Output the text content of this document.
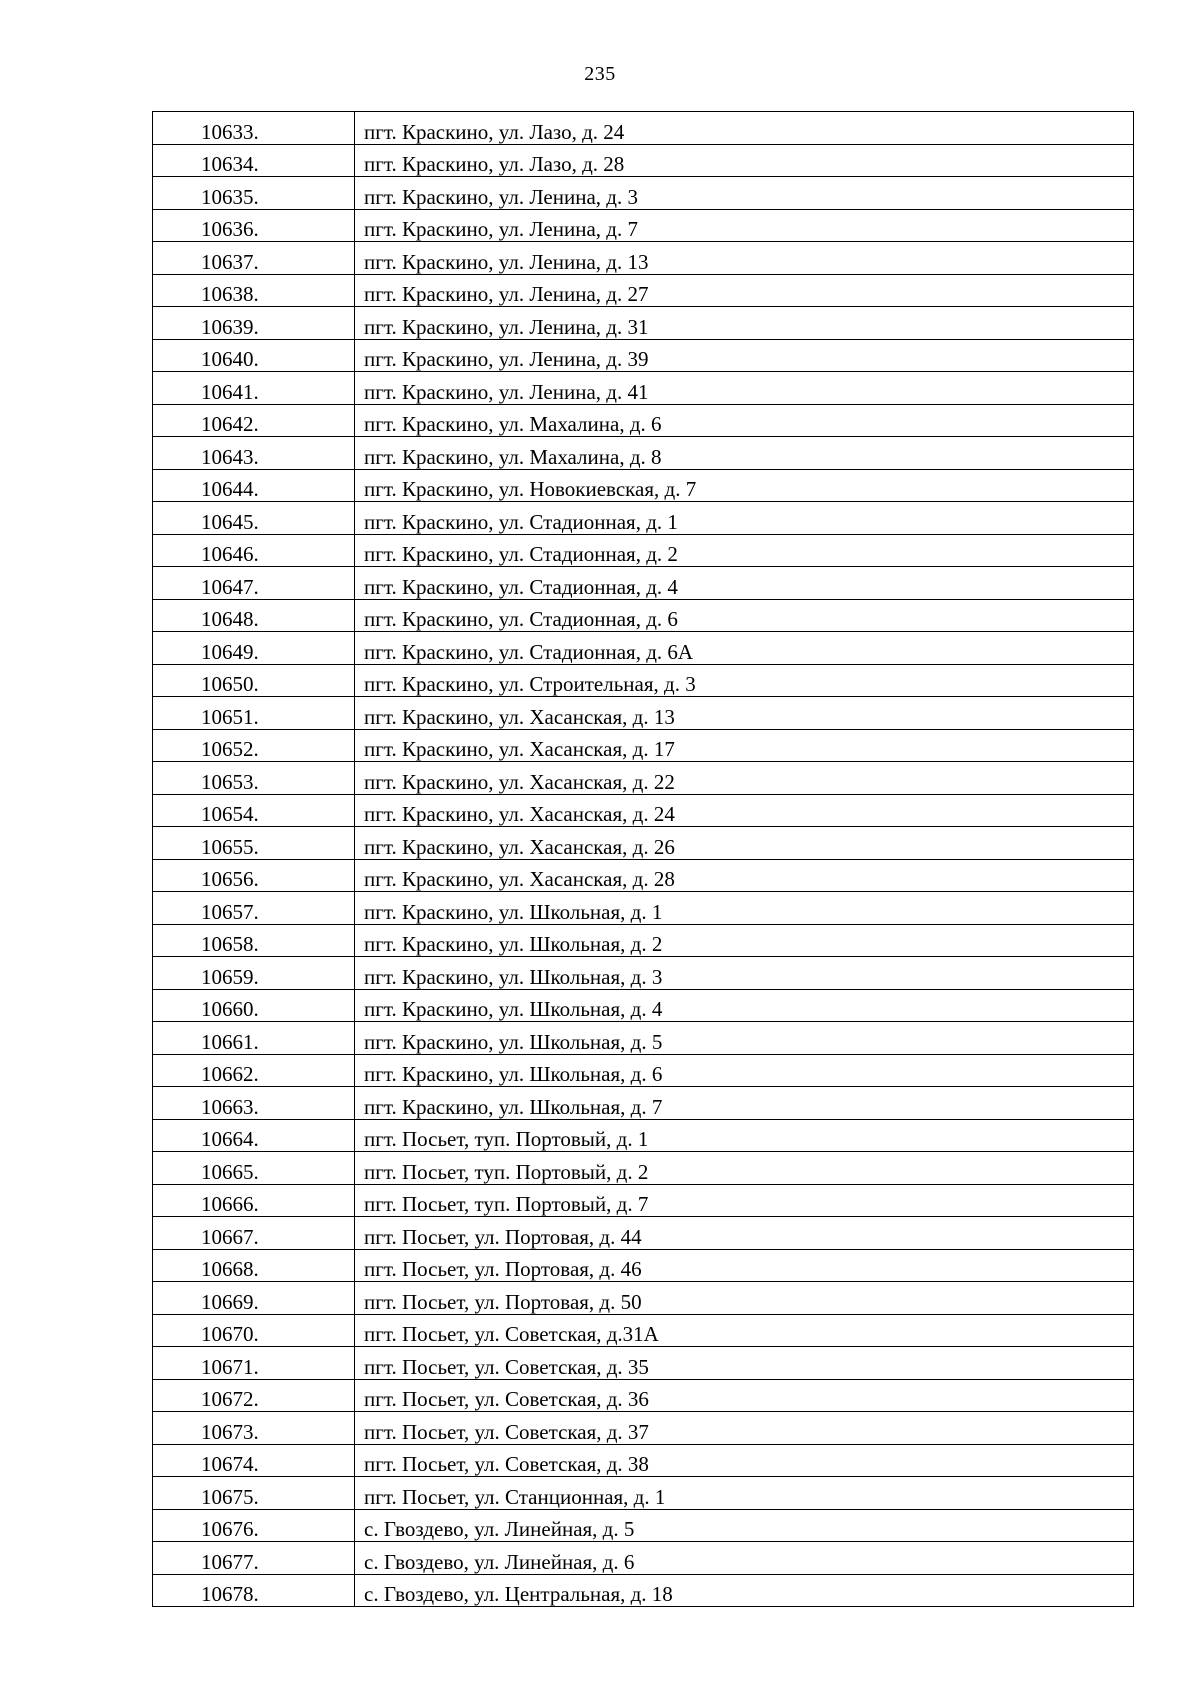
235
10633.	пгт. Краскино, ул. Лазо, д. 24
10634.	пгт. Краскино, ул. Лазо, д. 28
10635.	пгт. Краскино, ул. Ленина, д. 3
10636.	пгт. Краскино, ул. Ленина, д. 7
10637.	пгт. Краскино, ул. Ленина, д. 13
10638.	пгт. Краскино, ул. Ленина, д. 27
10639.	пгт. Краскино, ул. Ленина, д. 31
10640.	пгт. Краскино, ул. Ленина, д. 39
10641.	пгт. Краскино, ул. Ленина, д. 41
10642.	пгт. Краскино, ул. Махалина, д. 6
10643.	пгт. Краскино, ул. Махалина, д. 8
10644.	пгт. Краскино, ул. Новокиевская, д. 7
10645.	пгт. Краскино, ул. Стадионная, д. 1
10646.	пгт. Краскино, ул. Стадионная, д. 2
10647.	пгт. Краскино, ул. Стадионная, д. 4
10648.	пгт. Краскино, ул. Стадионная, д. 6
10649.	пгт. Краскино, ул. Стадионная, д. 6А
10650.	пгт. Краскино, ул. Строительная, д. 3
10651.	пгт. Краскино, ул. Хасанская, д. 13
10652.	пгт. Краскино, ул. Хасанская, д. 17
10653.	пгт. Краскино, ул. Хасанская, д. 22
10654.	пгт. Краскино, ул. Хасанская, д. 24
10655.	пгт. Краскино, ул. Хасанская, д. 26
10656.	пгт. Краскино, ул. Хасанская, д. 28
10657.	пгт. Краскино, ул. Школьная, д. 1
10658.	пгт. Краскино, ул. Школьная, д. 2
10659.	пгт. Краскино, ул. Школьная, д. 3
10660.	пгт. Краскино, ул. Школьная, д. 4
10661.	пгт. Краскино, ул. Школьная, д. 5
10662.	пгт. Краскино, ул. Школьная, д. 6
10663.	пгт. Краскино, ул. Школьная, д. 7
10664.	пгт. Посьет, туп. Портовый, д. 1
10665.	пгт. Посьет, туп. Портовый, д. 2
10666.	пгт. Посьет, туп. Портовый, д. 7
10667.	пгт. Посьет, ул. Портовая, д. 44
10668.	пгт. Посьет, ул. Портовая, д. 46
10669.	пгт. Посьет, ул. Портовая, д. 50
10670.	пгт. Посьет, ул. Советская, д.31А
10671.	пгт. Посьет, ул. Советская, д. 35
10672.	пгт. Посьет, ул. Советская, д. 36
10673.	пгт. Посьет, ул. Советская, д. 37
10674.	пгт. Посьет, ул. Советская, д. 38
10675.	пгт. Посьет, ул. Станционная, д. 1
10676.	с. Гвоздево, ул. Линейная, д. 5
10677.	с. Гвоздево, ул. Линейная, д. 6
10678.	с. Гвоздево, ул. Центральная, д. 18
